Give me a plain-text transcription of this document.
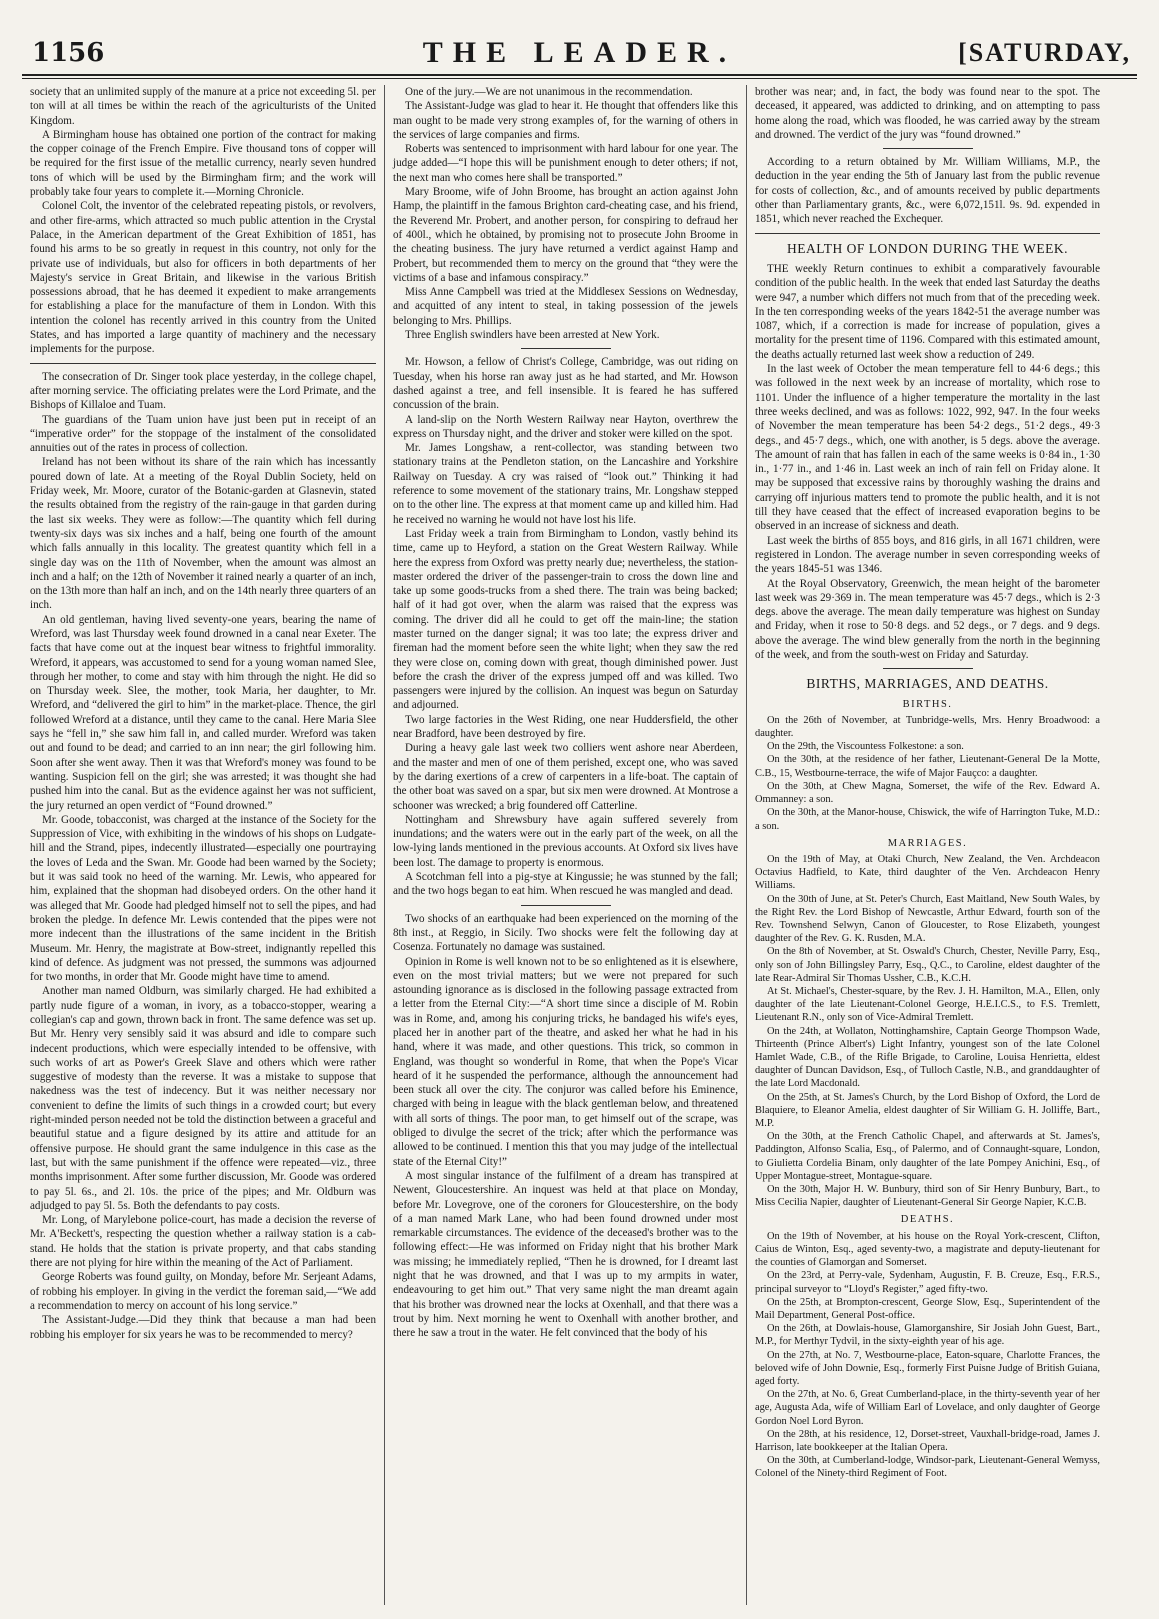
1156	THE LEADER.	[SATURDAY,

society that an unlimited supply of the manure at a price not exceeding 5l. per ton will at all times be within the reach of the agriculturists of the United Kingdom.

A Birmingham house has obtained one portion of the contract for making the copper coinage of the French Empire. Five thousand tons of copper will be required for the first issue of the metallic currency, nearly seven hundred tons of which will be used by the Birmingham firm; and the work will probably take four years to complete it.—Morning Chronicle.

Colonel Colt, the inventor of the celebrated repeating pistols, or revolvers, and other fire-arms, which attracted so much public attention in the Crystal Palace, in the American department of the Great Exhibition of 1851, has found his arms to be so greatly in request in this country, not only for the private use of individuals, but also for officers in both departments of her Majesty's service in Great Britain, and likewise in the various British possessions abroad, that he has deemed it expedient to make arrangements for establishing a place for the manufacture of them in London. With this intention the colonel has recently arrived in this country from the United States, and has imported a large quantity of machinery and the necessary implements for the purpose.

The consecration of Dr. Singer took place yesterday, in the college chapel, after morning service. The officiating prelates were the Lord Primate, and the Bishops of Killaloe and Tuam.

The guardians of the Tuam union have just been put in receipt of an “imperative order” for the stoppage of the instalment of the consolidated annuities out of the rates in process of collection.

Ireland has not been without its share of the rain which has incessantly poured down of late. At a meeting of the Royal Dublin Society, held on Friday week, Mr. Moore, curator of the Botanic-garden at Glasnevin, stated the results obtained from the registry of the rain-gauge in that garden during the last six weeks. They were as follow:—The quantity which fell during twenty-six days was six inches and a half, being one fourth of the amount which falls annually in this locality. The greatest quantity which fell in a single day was on the 11th of November, when the amount was almost an inch and a half; on the 12th of November it rained nearly a quarter of an inch, on the 13th more than half an inch, and on the 14th nearly three quarters of an inch.

An old gentleman, having lived seventy-one years, bearing the name of Wreford, was last Thursday week found drowned in a canal near Exeter. The facts that have come out at the inquest bear witness to frightful immorality. Wreford, it appears, was accustomed to send for a young woman named Slee, through her mother, to come and stay with him through the night. He did so on Thursday week. Slee, the mother, took Maria, her daughter, to Mr. Wreford, and “delivered the girl to him” in the market-place. Thence, the girl followed Wreford at a distance, until they came to the canal. Here Maria Slee says he “fell in,” she saw him fall in, and called murder. Wreford was taken out and found to be dead; and carried to an inn near; the girl following him. Soon after she went away. Then it was that Wreford's money was found to be wanting. Suspicion fell on the girl; she was arrested; it was thought she had pushed him into the canal. But as the evidence against her was not sufficient, the jury returned an open verdict of “Found drowned.”

Mr. Goode, tobacconist, was charged at the instance of the Society for the Suppression of Vice, with exhibiting in the windows of his shops on Ludgate-hill and the Strand, pipes, indecently illustrated—especially one pourtraying the loves of Leda and the Swan. Mr. Goode had been warned by the Society; but it was said took no heed of the warning. Mr. Lewis, who appeared for him, explained that the shopman had disobeyed orders. On the other hand it was alleged that Mr. Goode had pledged himself not to sell the pipes, and had broken the pledge. In defence Mr. Lewis contended that the pipes were not more indecent than the illustrations of the same incident in the British Museum. Mr. Henry, the magistrate at Bow-street, indignantly repelled this kind of defence. As judgment was not pressed, the summons was adjourned for two months, in order that Mr. Goode might have time to amend.

Another man named Oldburn, was similarly charged. He had exhibited a partly nude figure of a woman, in ivory, as a tobacco-stopper, wearing a collegian's cap and gown, thrown back in front. The same defence was set up. But Mr. Henry very sensibly said it was absurd and idle to compare such indecent productions, which were especially intended to be offensive, with such works of art as Power's Greek Slave and others which were rather suggestive of modesty than the reverse. It was a mistake to suppose that nakedness was the test of indecency. But it was neither necessary nor convenient to define the limits of such things in a crowded court; but every right-minded person needed not be told the distinction between a graceful and beautiful statue and a figure designed by its attire and attitude for an offensive purpose. He should grant the same indulgence in this case as the last, but with the same punishment if the offence were repeated—viz., three months imprisonment. After some further discussion, Mr. Goode was ordered to pay 5l. 6s., and 2l. 10s. the price of the pipes; and Mr. Oldburn was adjudged to pay 5l. 5s. Both the defendants to pay costs.

Mr. Long, of Marylebone police-court, has made a decision the reverse of Mr. A'Beckett's, respecting the question whether a railway station is a cab-stand. He holds that the station is private property, and that cabs standing there are not plying for hire within the meaning of the Act of Parliament.

George Roberts was found guilty, on Monday, before Mr. Serjeant Adams, of robbing his employer. In giving in the verdict the foreman said,—“We add a recommendation to mercy on account of his long service.”

The Assistant-Judge.—Did they think that because a man had been robbing his employer for six years he was to be recommended to mercy?

One of the jury.—We are not unanimous in the recommendation.

The Assistant-Judge was glad to hear it. He thought that offenders like this man ought to be made very strong examples of, for the warning of others in the services of large companies and firms.

Roberts was sentenced to imprisonment with hard labour for one year. The judge added—“I hope this will be punishment enough to deter others; if not, the next man who comes here shall be transported.”

Mary Broome, wife of John Broome, has brought an action against John Hamp, the plaintiff in the famous Brighton card-cheating case, and his friend, the Reverend Mr. Probert, and another person, for conspiring to defraud her of 400l., which he obtained, by promising not to prosecute John Broome in the cheating business. The jury have returned a verdict against Hamp and Probert, but recommended them to mercy on the ground that “they were the victims of a base and infamous conspiracy.”

Miss Anne Campbell was tried at the Middlesex Sessions on Wednesday, and acquitted of any intent to steal, in taking possession of the jewels belonging to Mrs. Phillips.

Three English swindlers have been arrested at New York.

Mr. Howson, a fellow of Christ's College, Cambridge, was out riding on Tuesday, when his horse ran away just as he had started, and Mr. Howson dashed against a tree, and fell insensible. It is feared he has suffered concussion of the brain.

A land-slip on the North Western Railway near Hayton, overthrew the express on Thursday night, and the driver and stoker were killed on the spot.

Mr. James Longshaw, a rent-collector, was standing between two stationary trains at the Pendleton station, on the Lancashire and Yorkshire Railway on Tuesday. A cry was raised of “look out.” Thinking it had reference to some movement of the stationary trains, Mr. Longshaw stepped on to the other line. The express at that moment came up and killed him. Had he received no warning he would not have lost his life.

Last Friday week a train from Birmingham to London, vastly behind its time, came up to Heyford, a station on the Great Western Railway. While here the express from Oxford was pretty nearly due; nevertheless, the station-master ordered the driver of the passenger-train to cross the down line and take up some goods-trucks from a shed there. The train was being backed; half of it had got over, when the alarm was raised that the express was coming. The driver did all he could to get off the main-line; the station master turned on the danger signal; it was too late; the express driver and fireman had the moment before seen the white light; when they saw the red they were close on, coming down with great, though diminished power. Just before the crash the driver of the express jumped off and was killed. Two passengers were injured by the collision. An inquest was begun on Saturday and adjourned.

Two large factories in the West Riding, one near Huddersfield, the other near Bradford, have been destroyed by fire.

During a heavy gale last week two colliers went ashore near Aberdeen, and the master and men of one of them perished, except one, who was saved by the daring exertions of a crew of carpenters in a life-boat. The captain of the other boat was saved on a spar, but six men were drowned. At Montrose a schooner was wrecked; a brig foundered off Catterline.

Nottingham and Shrewsbury have again suffered severely from inundations; and the waters were out in the early part of the week, on all the low-lying lands mentioned in the previous accounts. At Oxford six lives have been lost. The damage to property is enormous.

A Scotchman fell into a pig-stye at Kingussie; he was stunned by the fall; and the two hogs began to eat him. When rescued he was mangled and dead.

Two shocks of an earthquake had been experienced on the morning of the 8th inst., at Reggio, in Sicily. Two shocks were felt the following day at Cosenza. Fortunately no damage was sustained.

Opinion in Rome is well known not to be so enlightened as it is elsewhere, even on the most trivial matters; but we were not prepared for such astounding ignorance as is disclosed in the following passage extracted from a letter from the Eternal City:—“A short time since a disciple of M. Robin was in Rome, and, among his conjuring tricks, he bandaged his wife's eyes, placed her in another part of the theatre, and asked her what he had in his hand, where it was made, and other questions. This trick, so common in England, was thought so wonderful in Rome, that when the Pope's Vicar heard of it he suspended the performance, although the announcement had been stuck all over the city. The conjuror was called before his Eminence, charged with being in league with the black gentleman below, and threatened with all sorts of things. The poor man, to get himself out of the scrape, was obliged to divulge the secret of the trick; after which the performance was allowed to be continued. I mention this that you may judge of the intellectual state of the Eternal City!”

A most singular instance of the fulfilment of a dream has transpired at Newent, Gloucestershire. An inquest was held at that place on Monday, before Mr. Lovegrove, one of the coroners for Gloucestershire, on the body of a man named Mark Lane, who had been found drowned under most remarkable circumstances. The evidence of the deceased's brother was to the following effect:—He was informed on Friday night that his brother Mark was missing; he immediately replied, “Then he is drowned, for I dreamt last night that he was drowned, and that I was up to my armpits in water, endeavouring to get him out.” That very same night the man dreamt again that his brother was drowned near the locks at Oxenhall, and that there was a trout by him. Next morning he went to Oxenhall with another brother, and there he saw a trout in the water. He felt convinced that the body of his

brother was near; and, in fact, the body was found near to the spot. The deceased, it appeared, was addicted to drinking, and on attempting to pass home along the road, which was flooded, he was carried away by the stream and drowned. The verdict of the jury was “found drowned.”

According to a return obtained by Mr. William Williams, M.P., the deduction in the year ending the 5th of January last from the public revenue for costs of collection, &c., and of amounts received by public departments other than Parliamentary grants, &c., were 6,072,151l. 9s. 9d. expended in 1851, which never reached the Exchequer.

HEALTH OF LONDON DURING THE WEEK.

THE weekly Return continues to exhibit a comparatively favourable condition of the public health. In the week that ended last Saturday the deaths were 947, a number which differs not much from that of the preceding week. In the ten corresponding weeks of the years 1842-51 the average number was 1087, which, if a correction is made for increase of population, gives a mortality for the present time of 1196. Compared with this estimated amount, the deaths actually returned last week show a reduction of 249.

In the last week of October the mean temperature fell to 44·6 degs.; this was followed in the next week by an increase of mortality, which rose to 1101. Under the influence of a higher temperature the mortality in the last three weeks declined, and was as follows: 1022, 992, 947. In the four weeks of November the mean temperature has been 54·2 degs., 51·2 degs., 49·3 degs., and 45·7 degs., which, one with another, is 5 degs. above the average. The amount of rain that has fallen in each of the same weeks is 0·84 in., 1·30 in., 1·77 in., and 1·46 in. Last week an inch of rain fell on Friday alone. It may be supposed that excessive rains by thoroughly washing the drains and carrying off injurious matters tend to promote the public health, and it is not till they have ceased that the effect of increased evaporation begins to be observed in an increase of sickness and death.

Last week the births of 855 boys, and 816 girls, in all 1671 children, were registered in London. The average number in seven corresponding weeks of the years 1845-51 was 1346.

At the Royal Observatory, Greenwich, the mean height of the barometer last week was 29·369 in. The mean temperature was 45·7 degs., which is 2·3 degs. above the average. The mean daily temperature was highest on Sunday and Friday, when it rose to 50·8 degs. and 52 degs., or 7 degs. and 9 degs. above the average. The wind blew generally from the north in the beginning of the week, and from the south-west on Friday and Saturday.

BIRTHS, MARRIAGES, AND DEATHS.
BIRTHS.

On the 26th of November, at Tunbridge-wells, Mrs. Henry Broadwood: a daughter.

On the 29th, the Viscountess Folkestone: a son.

On the 30th, at the residence of her father, Lieutenant-General De la Motte, C.B., 15, Westbourne-terrace, the wife of Major Fauçco: a daughter.

On the 30th, at Chew Magna, Somerset, the wife of the Rev. Edward A. Ommanney: a son.

On the 30th, at the Manor-house, Chiswick, the wife of Harrington Tuke, M.D.: a son.

MARRIAGES.

On the 19th of May, at Otaki Church, New Zealand, the Ven. Archdeacon Octavius Hadfield, to Kate, third daughter of the Ven. Archdeacon Henry Williams.

On the 30th of June, at St. Peter's Church, East Maitland, New South Wales, by the Right Rev. the Lord Bishop of Newcastle, Arthur Edward, fourth son of the Rev. Townshend Selwyn, Canon of Gloucester, to Rose Elizabeth, youngest daughter of the Rev. G. K. Rusden, M.A.

On the 8th of November, at St. Oswald's Church, Chester, Neville Parry, Esq., only son of John Billingsley Parry, Esq., Q.C., to Caroline, eldest daughter of the late Rear-Admiral Sir Thomas Ussher, C.B., K.C.H.

At St. Michael's, Chester-square, by the Rev. J. H. Hamilton, M.A., Ellen, only daughter of the late Lieutenant-Colonel George, H.E.I.C.S., to F.S. Tremlett, Lieutenant R.N., only son of Vice-Admiral Tremlett.

On the 24th, at Wollaton, Nottinghamshire, Captain George Thompson Wade, Thirteenth (Prince Albert's) Light Infantry, youngest son of the late Colonel Hamlet Wade, C.B., of the Rifle Brigade, to Caroline, Louisa Henrietta, eldest daughter of Duncan Davidson, Esq., of Tulloch Castle, N.B., and granddaughter of the late Lord Macdonald.

On the 25th, at St. James's Church, by the Lord Bishop of Oxford, the Lord de Blaquiere, to Eleanor Amelia, eldest daughter of Sir William G. H. Jolliffe, Bart., M.P.

On the 30th, at the French Catholic Chapel, and afterwards at St. James's, Paddington, Alfonso Scalia, Esq., of Palermo, and of Connaught-square, London, to Giulietta Cordelia Binam, only daughter of the late Pompey Anichini, Esq., of Upper Montague-street, Montague-square.

On the 30th, Major H. W. Bunbury, third son of Sir Henry Bunbury, Bart., to Miss Cecilia Napier, daughter of Lieutenant-General Sir George Napier, K.C.B.

DEATHS.

On the 19th of November, at his house on the Royal York-crescent, Clifton, Caius de Winton, Esq., aged seventy-two, a magistrate and deputy-lieutenant for the counties of Glamorgan and Somerset.

On the 23rd, at Perry-vale, Sydenham, Augustin, F. B. Creuze, Esq., F.R.S., principal surveyor to “Lloyd's Register,” aged fifty-two.

On the 25th, at Brompton-crescent, George Slow, Esq., Superintendent of the Mail Department, General Post-office.

On the 26th, at Dowlais-house, Glamorganshire, Sir Josiah John Guest, Bart., M.P., for Merthyr Tydvil, in the sixty-eighth year of his age.

On the 27th, at No. 7, Westbourne-place, Eaton-square, Charlotte Frances, the beloved wife of John Downie, Esq., formerly First Puisne Judge of British Guiana, aged forty.

On the 27th, at No. 6, Great Cumberland-place, in the thirty-seventh year of her age, Augusta Ada, wife of William Earl of Lovelace, and only daughter of George Gordon Noel Lord Byron.

On the 28th, at his residence, 12, Dorset-street, Vauxhall-bridge-road, James J. Harrison, late bookkeeper at the Italian Opera.

On the 30th, at Cumberland-lodge, Windsor-park, Lieutenant-General Wemyss, Colonel of the Ninety-third Regiment of Foot.
